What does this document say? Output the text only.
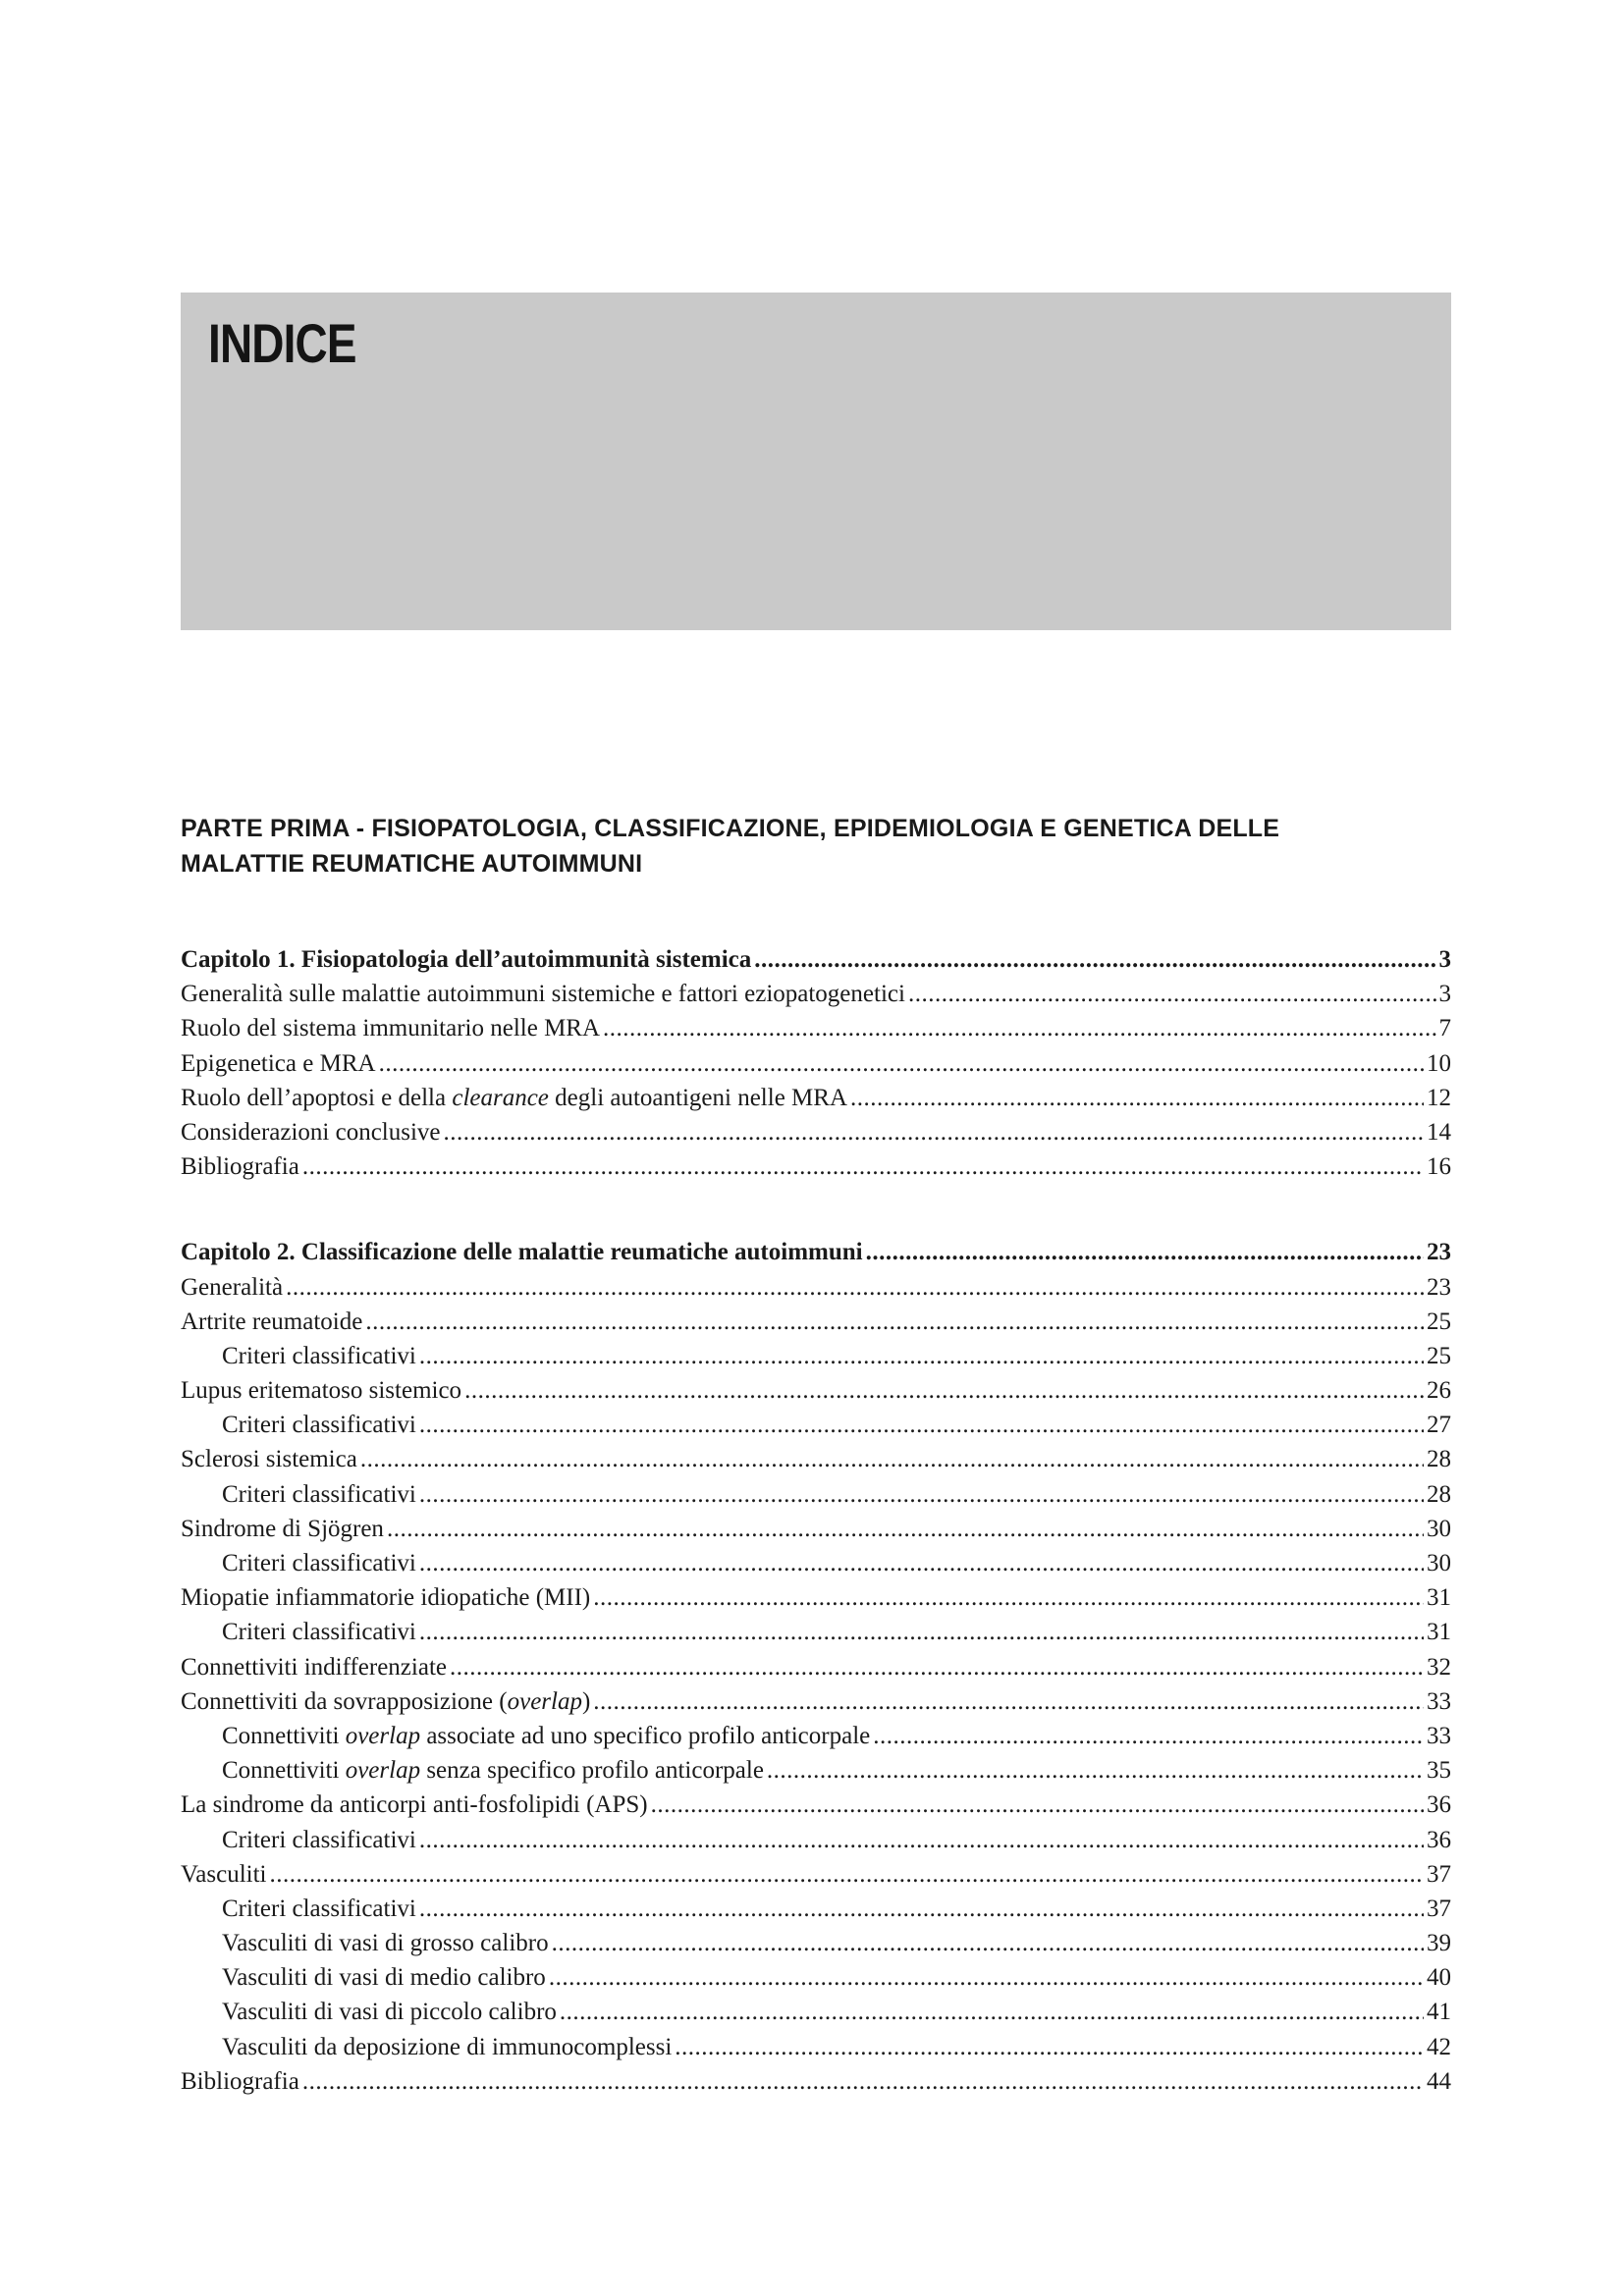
INDICE

PARTE PRIMA - FISIOPATOLOGIA, CLASSIFICAZIONE, EPIDEMIOLOGIA E GENETICA DELLE
MALATTIE REUMATICHE AUTOIMMUNI

Capitolo 1. Fisiopatologia dell’autoimmunità sistemica .....	3
Generalità sulle malattie autoimmuni sistemiche e fattori eziopatogenetici .....	3
Ruolo del sistema immunitario nelle MRA .....	7
Epigenetica e MRA .....	10
Ruolo dell’apoptosi e della clearance degli autoantigeni nelle MRA .....	12
Considerazioni conclusive .....	14
Bibliografia .....	16
Capitolo 2. Classificazione delle malattie reumatiche autoimmuni .....	23
Generalità .....	23
Artrite reumatoide .....	25
Criteri classificativi .....	25
Lupus eritematoso sistemico .....	26
Criteri classificativi .....	27
Sclerosi sistemica .....	28
Criteri classificativi .....	28
Sindrome di Sjögren .....	30
Criteri classificativi .....	30
Miopatie infiammatorie idiopatiche (MII) .....	31
Criteri classificativi .....	31
Connettiviti indifferenziate .....	32
Connettiviti da sovrapposizione (overlap) .....	33
Connettiviti overlap associate ad uno specifico profilo anticorpale .....	33
Connettiviti overlap senza specifico profilo anticorpale .....	35
La sindrome da anticorpi anti-fosfolipidi (APS) .....	36
Criteri classificativi .....	36
Vasculiti .....	37
Criteri classificativi .....	37
Vasculiti di vasi di grosso calibro .....	39
Vasculiti di vasi di medio calibro .....	40
Vasculiti di vasi di piccolo calibro .....	41
Vasculiti da deposizione di immunocomplessi .....	42
Bibliografia .....	44
